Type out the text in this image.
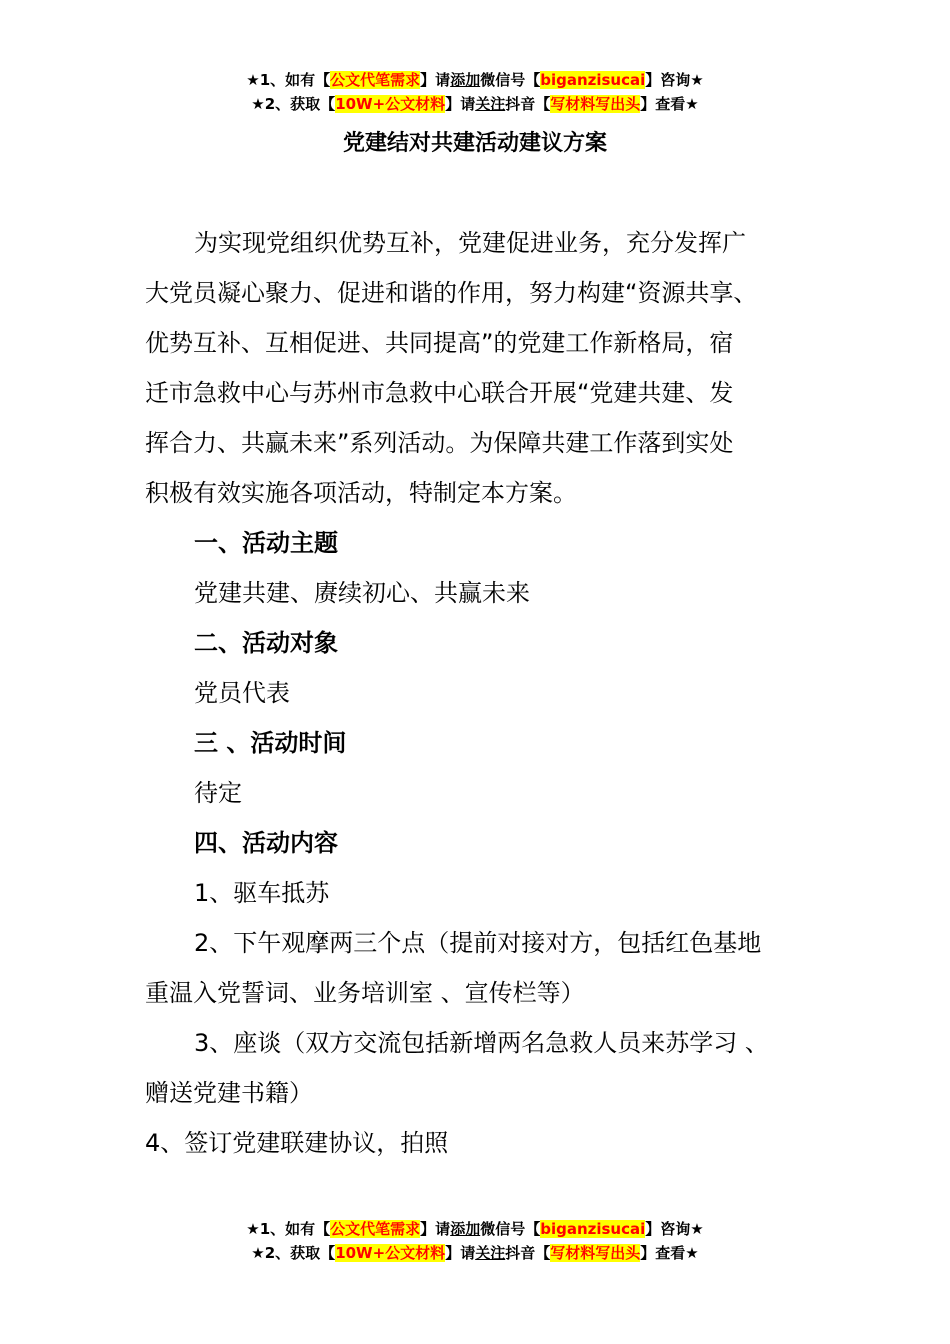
★1、如有【公文代笔需求】请添加微信号【biganzisucai】咨询★
★2、获取【10W+公文材料】请关注抖音【写材料写出头】查看★
党建结对共建活动建议方案

为实现党组织优势互补，党建促进业务，充分发挥广

大党员凝心聚力、促进和谐的作用，努力构建“资源共享、

优势互补、互相促进、共同提高”的党建工作新格局，宿

迁市急救中心与苏州市急救中心联合开展“党建共建、发

挥合力、共赢未来”系列活动。为保障共建工作落到实处

积极有效实施各项活动，特制定本方案。

一、活动主题

党建共建、赓续初心、共赢未来

二、活动对象

党员代表

三 、活动时间

待定

四、活动内容

1、驱车抵苏

2、下午观摩两三个点（提前对接对方，包括红色基地

重温入党誓词、业务培训室 、宣传栏等）

3、座谈（双方交流包括新增两名急救人员来苏学习 、

赠送党建书籍）

4、签订党建联建协议，拍照

★1、如有【公文代笔需求】请添加微信号【biganzisucai】咨询★
★2、获取【10W+公文材料】请关注抖音【写材料写出头】查看★
